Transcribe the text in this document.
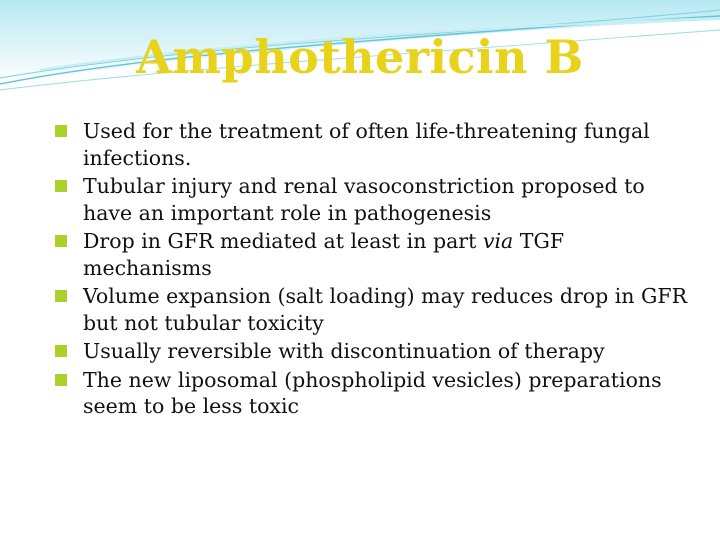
Amphothericin B
Used for the treatment of often life-threatening fungal infections.
Tubular injury and renal vasoconstriction proposed to have an important role in pathogenesis
Drop in GFR mediated at least in part via TGF mechanisms
Volume expansion (salt loading) may reduces drop in GFR but not tubular toxicity
Usually reversible with discontinuation of therapy
The new liposomal (phospholipid vesicles) preparations seem to be less toxic
